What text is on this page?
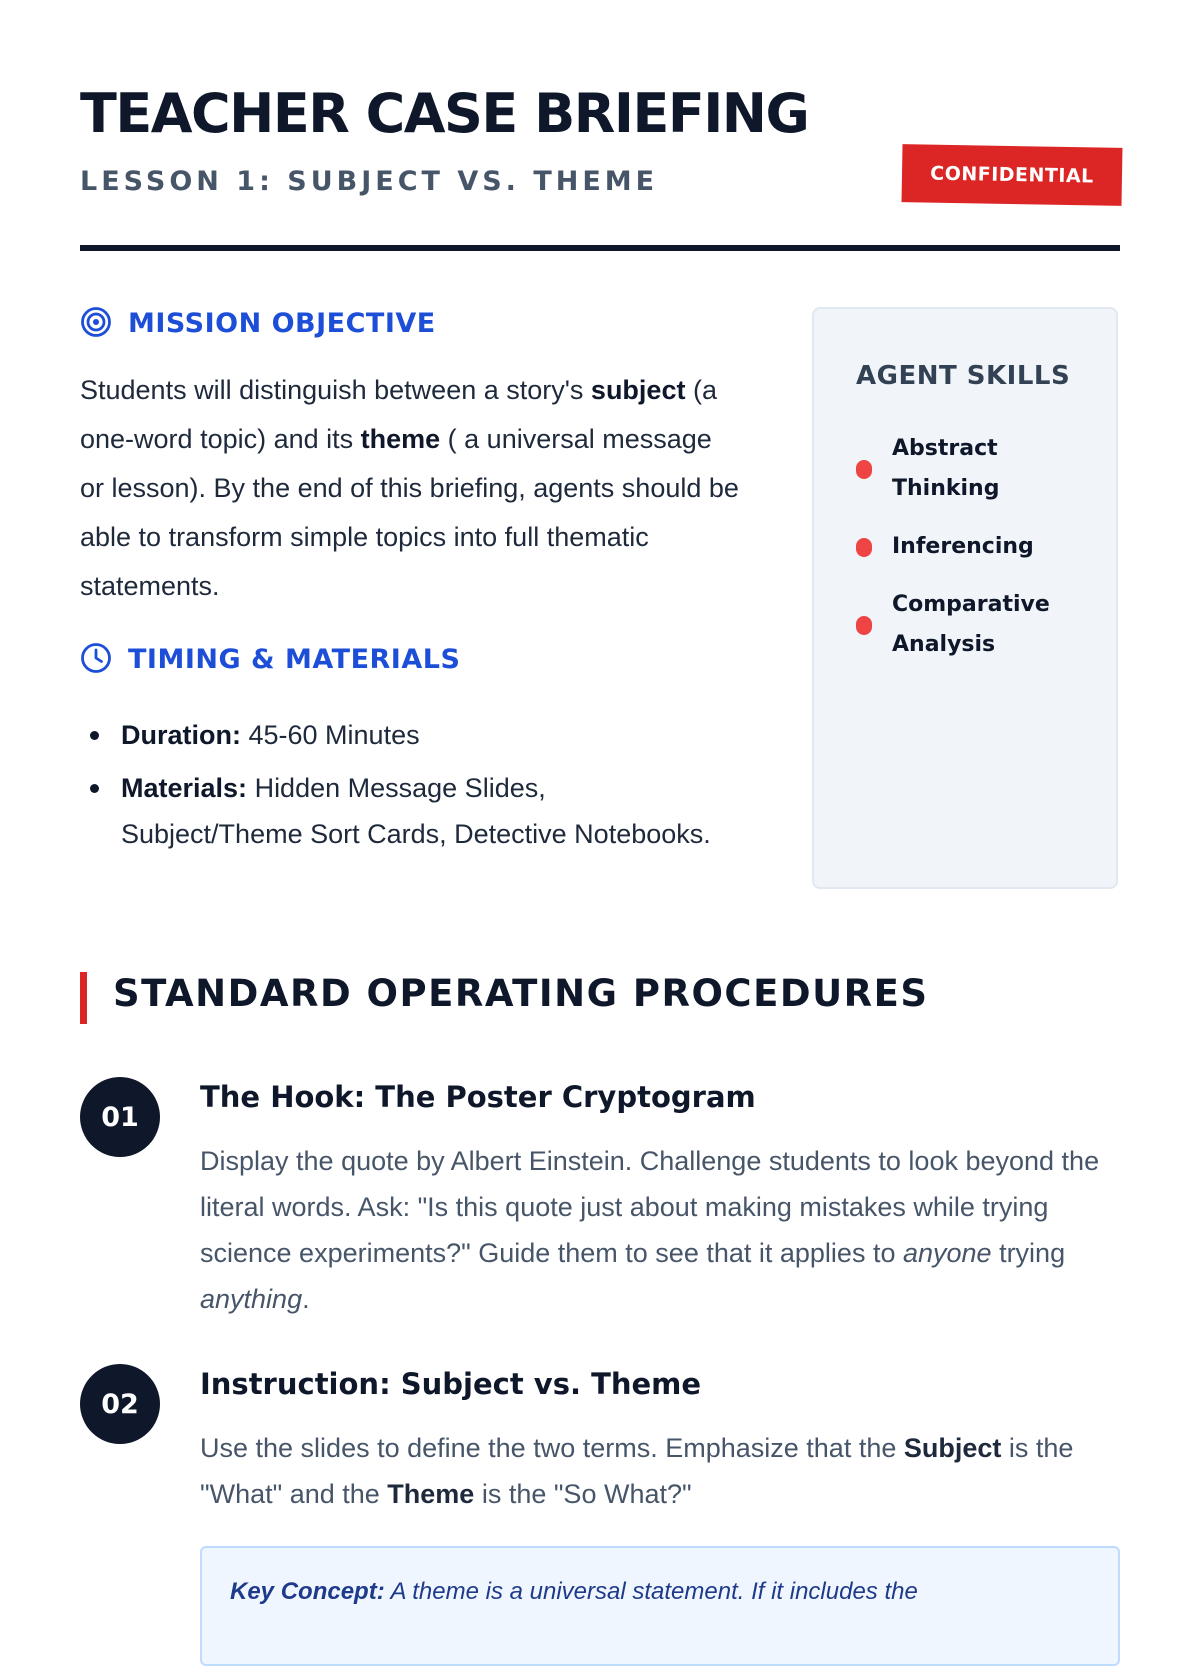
TEACHER CASE BRIEFING
LESSON 1: SUBJECT VS. THEME	CONFIDENTIAL
MISSION OBJECTIVE
Students will distinguish between a story's subject (a one-word topic) and its theme ( a universal message or lesson). By the end of this briefing, agents should be able to transform simple topics into full thematic statements.
TIMING & MATERIALS
Duration: 45-60 Minutes
Materials: Hidden Message Slides, Subject/Theme Sort Cards, Detective Notebooks.
AGENT SKILLS
Abstract Thinking
Inferencing
Comparative Analysis
STANDARD OPERATING PROCEDURES
01
The Hook: The Poster Cryptogram
Display the quote by Albert Einstein. Challenge students to look beyond the literal words. Ask: "Is this quote just about making mistakes while trying science experiments?" Guide them to see that it applies to anyone trying anything.
02
Instruction: Subject vs. Theme
Use the slides to define the two terms. Emphasize that the Subject is the "What" and the Theme is the "So What?"
Key Concept: A theme is a universal statement. If it includes the
